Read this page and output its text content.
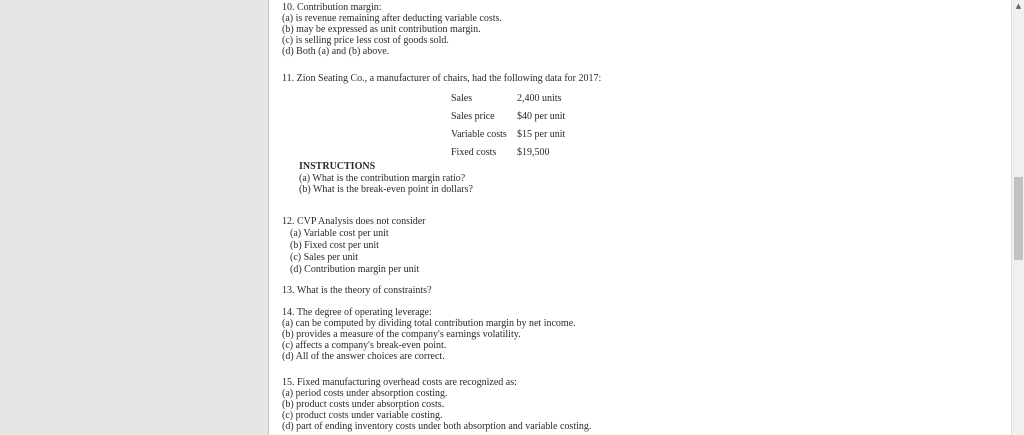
10. Contribution margin:
(a) is revenue remaining after deducting variable costs.
(b) may be expressed as unit contribution margin.
(c) is selling price less cost of goods sold.
(d) Both (a) and (b) above.
11. Zion Seating Co., a manufacturer of chairs, had the following data for 2017:
Sales	2,400 units
Sales price $40 per unit
Variable costs $15 per unit
Fixed costs $19,500
INSTRUCTIONS
(a) What is the contribution margin ratio?
(b) What is the break-even point in dollars?
12. CVP Analysis does not consider
(a) Variable cost per unit
(b) Fixed cost per unit
(c) Sales per unit
(d) Contribution margin per unit
13. What is the theory of constraints?
14. The degree of operating leverage:
(a) can be computed by dividing total contribution margin by net income.
(b) provides a measure of the company's earnings volatility.
(c) affects a company's break-even point.
(d) All of the answer choices are correct.
15. Fixed manufacturing overhead costs are recognized as:
(a) period costs under absorption costing.
(b) product costs under absorption costs.
(c) product costs under variable costing.
(d) part of ending inventory costs under both absorption and variable costing.
▲
